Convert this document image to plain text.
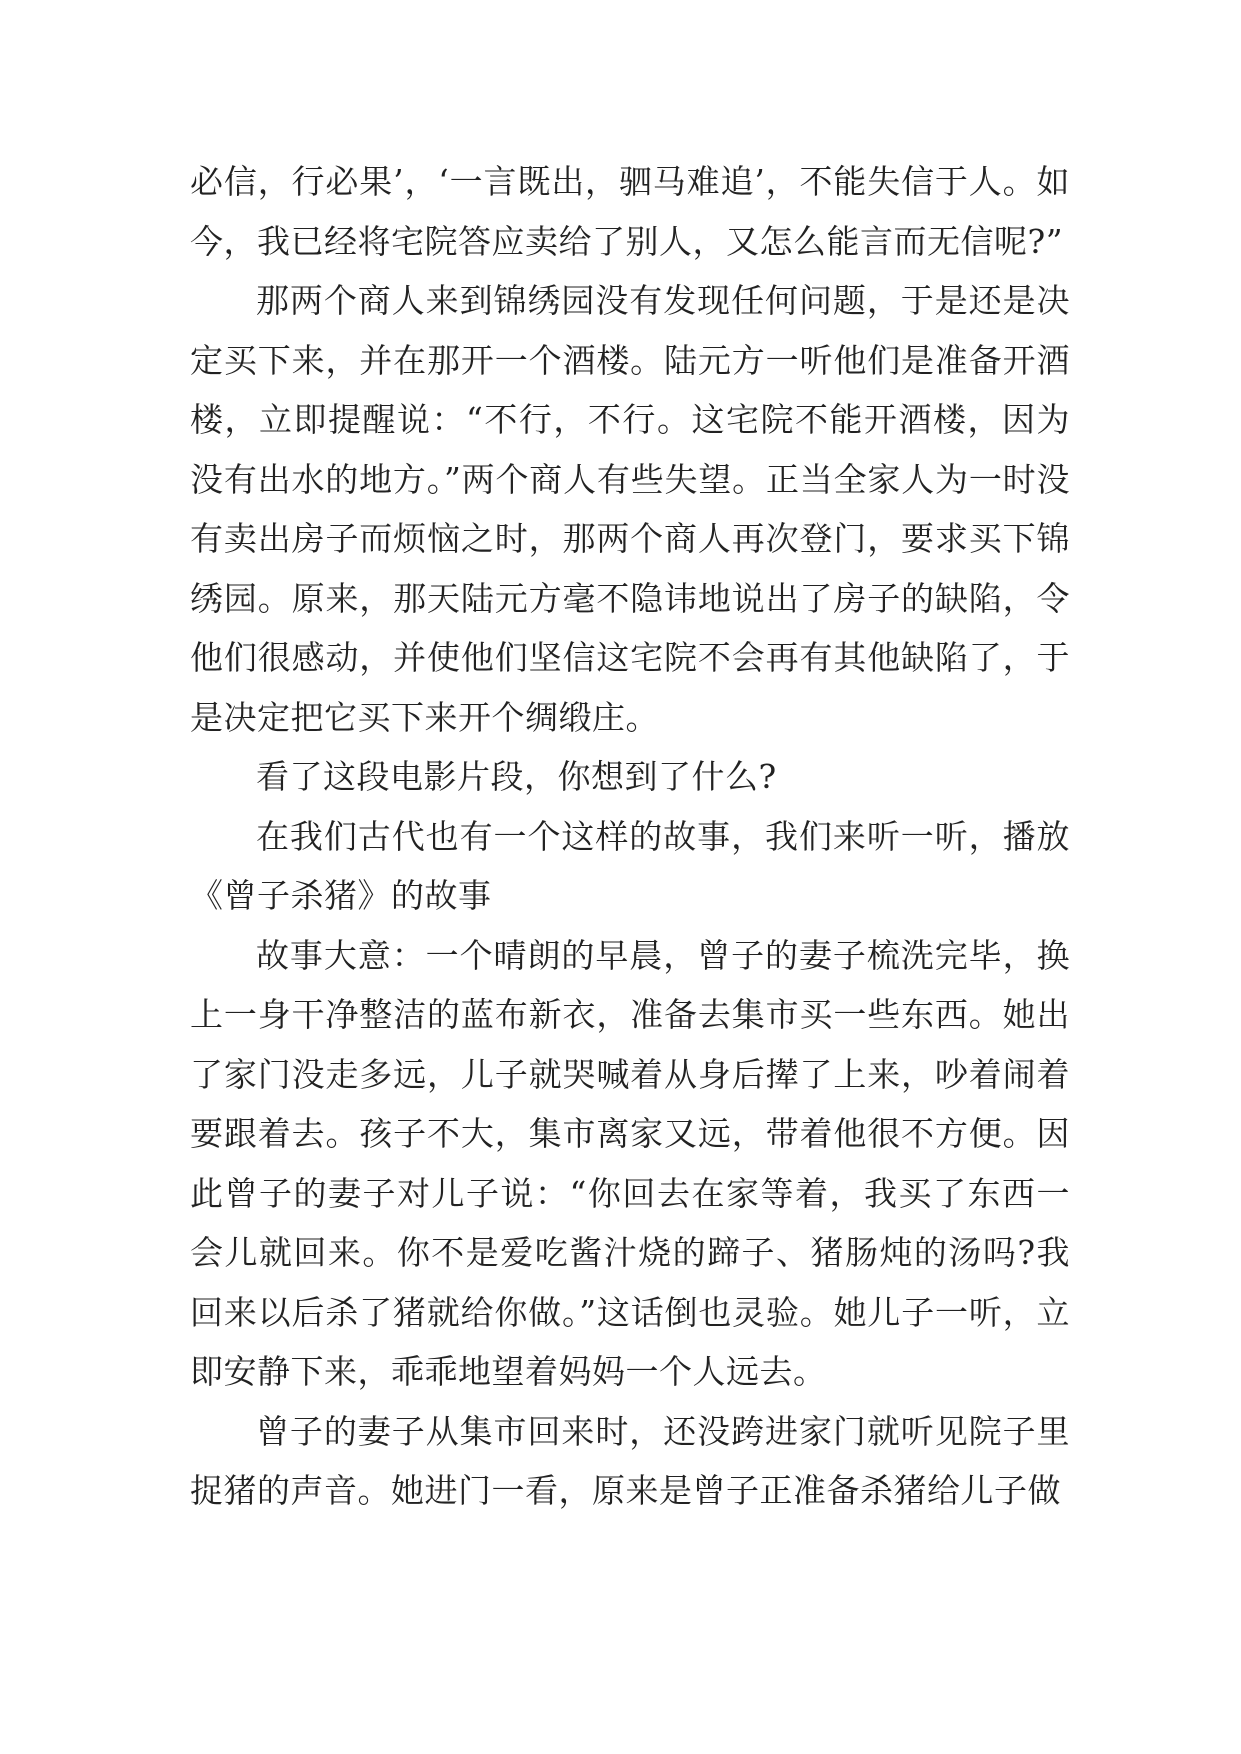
必信，行必果’，‘一言既出，驷马难追’，不能失信于人。如今，我已经将宅院答应卖给了别人，又怎么能言而无信呢?”

那两个商人来到锦绣园没有发现任何问题，于是还是决定买下来，并在那开一个酒楼。陆元方一听他们是准备开酒楼，立即提醒说：“不行，不行。这宅院不能开酒楼，因为没有出水的地方。”两个商人有些失望。正当全家人为一时没有卖出房子而烦恼之时，那两个商人再次登门，要求买下锦绣园。原来，那天陆元方毫不隐讳地说出了房子的缺陷，令他们很感动，并使他们坚信这宅院不会再有其他缺陷了，于是决定把它买下来开个绸缎庄。

看了这段电影片段，你想到了什么?

在我们古代也有一个这样的故事，我们来听一听，播放《曾子杀猪》的故事

故事大意：一个晴朗的早晨，曾子的妻子梳洗完毕，换上一身干净整洁的蓝布新衣，准备去集市买一些东西。她出了家门没走多远，儿子就哭喊着从身后撵了上来，吵着闹着要跟着去。孩子不大，集市离家又远，带着他很不方便。因此曾子的妻子对儿子说：“你回去在家等着，我买了东西一会儿就回来。你不是爱吃酱汁烧的蹄子、猪肠炖的汤吗?我回来以后杀了猪就给你做。”这话倒也灵验。她儿子一听，立即安静下来，乖乖地望着妈妈一个人远去。

曾子的妻子从集市回来时，还没跨进家门就听见院子里捉猪的声音。她进门一看，原来是曾子正准备杀猪给儿子做
